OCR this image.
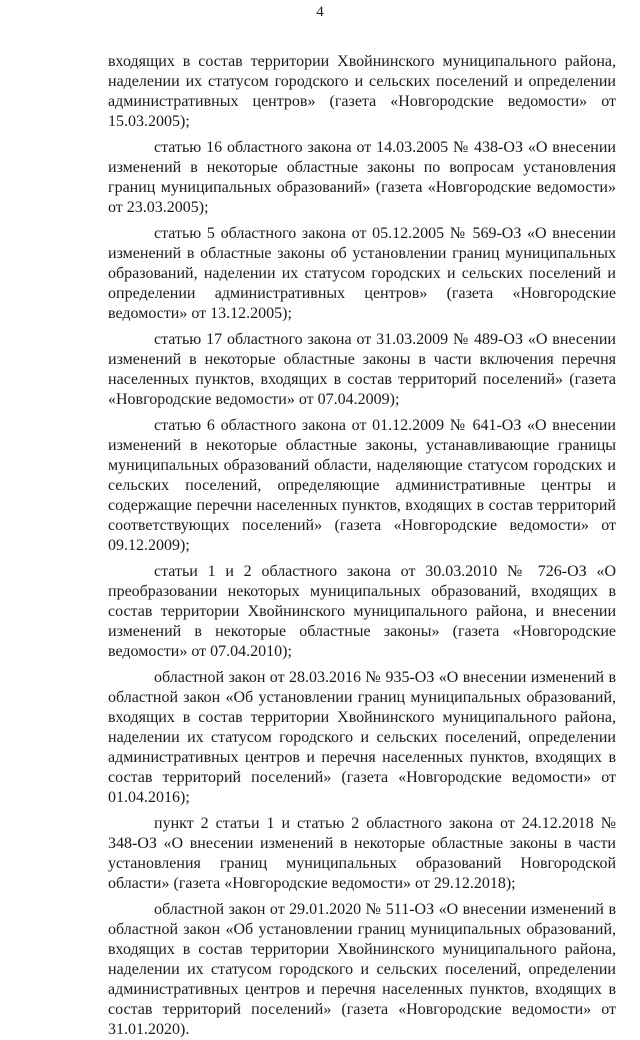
4

входящих в состав территории Хвойнинского муниципального района, наделении их статусом городского и сельских поселений и определении административных центров» (газета «Новгородские ведомости» от 15.03.2005);

статью 16 областного закона от 14.03.2005 № 438-ОЗ «О внесении изменений в некоторые областные законы по вопросам установления границ муниципальных образований» (газета «Новгородские ведомости» от 23.03.2005);

статью 5 областного закона от 05.12.2005 № 569-ОЗ «О внесении изменений в областные законы об установлении границ муниципальных образований, наделении их статусом городских и сельских поселений и определении административных центров» (газета «Новгородские ведомости» от 13.12.2005);

статью 17 областного закона от 31.03.2009 № 489-ОЗ «О внесении изменений в некоторые областные законы в части включения перечня населенных пунктов, входящих в состав территорий поселений» (газета «Новгородские ведомости» от 07.04.2009);

статью 6 областного закона от 01.12.2009 № 641-ОЗ «О внесении изменений в некоторые областные законы, устанавливающие границы муниципальных образований области, наделяющие статусом городских и сельских поселений, определяющие административные центры и содержащие перечни населенных пунктов, входящих в состав территорий соответствующих поселений» (газета «Новгородские ведомости» от 09.12.2009);

статьи 1 и 2 областного закона от 30.03.2010 № 726-ОЗ «О преобразовании некоторых муниципальных образований, входящих в состав территории Хвойнинского муниципального района, и внесении изменений в некоторые областные законы» (газета «Новгородские ведомости» от 07.04.2010);

областной закон от 28.03.2016 № 935-ОЗ «О внесении изменений в областной закон «Об установлении границ муниципальных образований, входящих в состав территории Хвойнинского муниципального района, наделении их статусом городского и сельских поселений, определении административных центров и перечня населенных пунктов, входящих в состав территорий поселений» (газета «Новгородские ведомости» от 01.04.2016);

пункт 2 статьи 1 и статью 2 областного закона от 24.12.2018 № 348-ОЗ «О внесении изменений в некоторые областные законы в части установления границ муниципальных образований Новгородской области» (газета «Новгородские ведомости» от 29.12.2018);

областной закон от 29.01.2020 № 511-ОЗ «О внесении изменений в областной закон «Об установлении границ муниципальных образований, входящих в состав территории Хвойнинского муниципального района, наделении их статусом городского и сельских поселений, определении административных центров и перечня населенных пунктов, входящих в состав территорий поселений» (газета «Новгородские ведомости» от 31.01.2020).
